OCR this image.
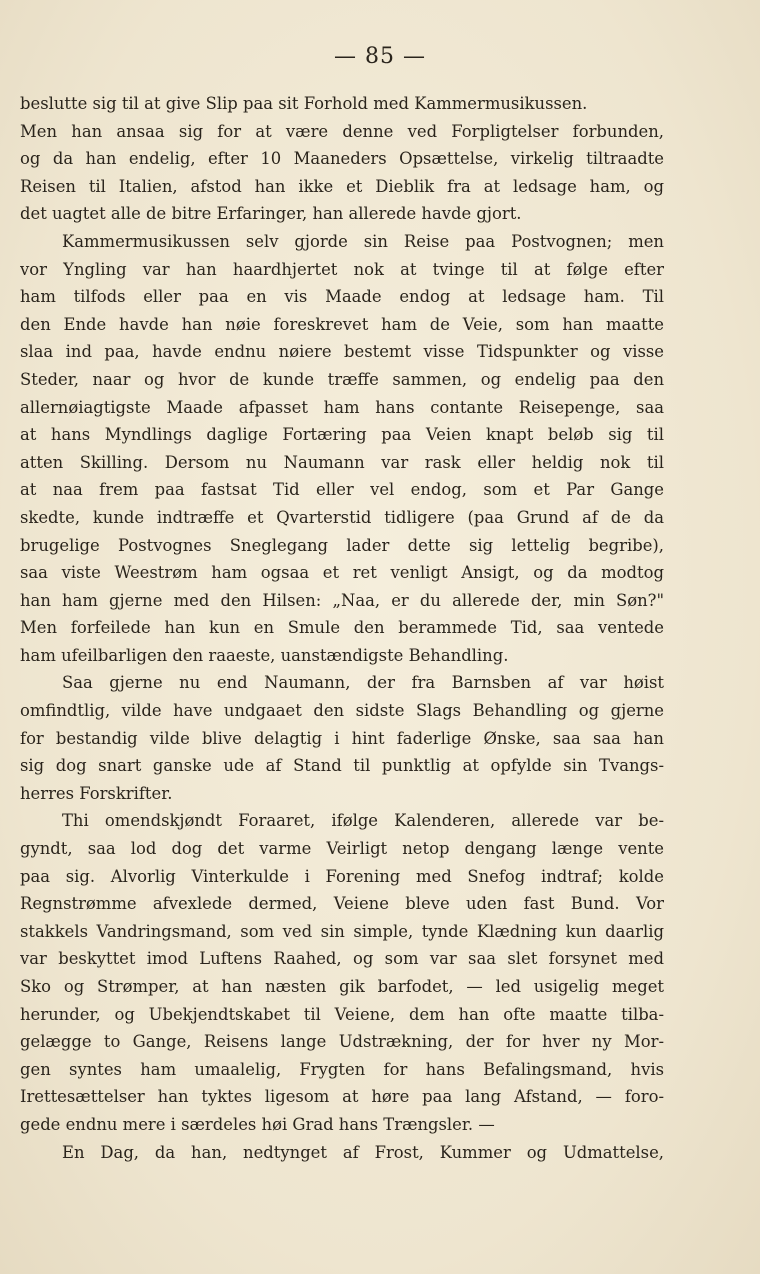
— 85 —
beslutte sig til at give Slip paa sit Forhold med Kammermusikussen.
Men han ansaa sig for at være denne ved Forpligtelser forbunden,
og da han endelig, efter 10 Maaneders Opsættelse, virkelig tiltraadte
Reisen til Italien, afstod han ikke et Dieblik fra at ledsage ham, og
det uagtet alle de bitre Erfaringer, han allerede havde gjort.
Kammermusikussen selv gjorde sin Reise paa Postvognen; men
vor Yngling var han haardhjertet nok at tvinge til at følge efter
ham tilfods eller paa en vis Maade endog at ledsage ham. Til
den Ende havde han nøie foreskrevet ham de Veie, som han maatte
slaa ind paa, havde endnu nøiere bestemt visse Tidspunkter og visse
Steder, naar og hvor de kunde træffe sammen, og endelig paa den
allernøiagtigste Maade afpasset ham hans contante Reisepenge, saa
at hans Myndlings daglige Fortæring paa Veien knapt beløb sig til
atten Skilling. Dersom nu Naumann var rask eller heldig nok til
at naa frem paa fastsat Tid eller vel endog, som et Par Gange
skedte, kunde indtræffe et Qvarterstid tidligere (paa Grund af de da
brugelige Postvognes Sneglegang lader dette sig lettelig begribe),
saa viste Weestrøm ham ogsaa et ret venligt Ansigt, og da modtog
han ham gjerne med den Hilsen: „Naa, er du allerede der, min Søn?"
Men forfeilede han kun en Smule den berammede Tid, saa ventede
ham ufeilbarligen den raaeste, uanstændigste Behandling.
Saa gjerne nu end Naumann, der fra Barnsben af var høist
omfindtlig, vilde have undgaaet den sidste Slags Behandling og gjerne
for bestandig vilde blive delagtig i hint faderlige Ønske, saa saa han
sig dog snart ganske ude af Stand til punktlig at opfylde sin Tvangs-
herres Forskrifter.
Thi omendskjøndt Foraaret, ifølge Kalenderen, allerede var be-
gyndt, saa lod dog det varme Veirligt netop dengang længe vente
paa sig. Alvorlig Vinterkulde i Forening med Snefog indtraf; kolde
Regnstrømme afvexlede dermed, Veiene bleve uden fast Bund. Vor
stakkels Vandringsmand, som ved sin simple, tynde Klædning kun daarlig
var beskyttet imod Luftens Raahed, og som var saa slet forsynet med
Sko og Strømper, at han næsten gik barfodet, — led usigelig meget
herunder, og Ubekjendtskabet til Veiene, dem han ofte maatte tilba-
gelægge to Gange, Reisens lange Udstrækning, der for hver ny Mor-
gen syntes ham umaalelig, Frygten for hans Befalingsmand, hvis
Irettesættelser han tyktes ligesom at høre paa lang Afstand, — foro-
gede endnu mere i særdeles høi Grad hans Trængsler. —
En Dag, da han, nedtynget af Frost, Kummer og Udmattelse,
